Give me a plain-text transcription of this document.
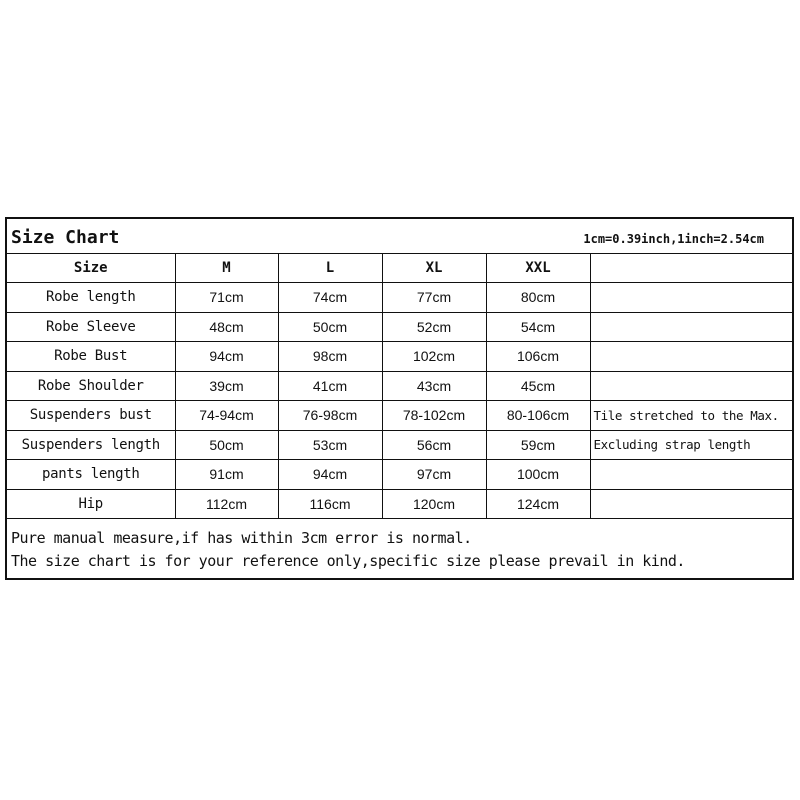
Size Chart	1cm=0.39inch,1inch=2.54cm
Size	M	L	XL	XXL	
Robe length	71cm	74cm	77cm	80cm	
Robe Sleeve	48cm	50cm	52cm	54cm	
Robe Bust	94cm	98cm	102cm	106cm	
Robe Shoulder	39cm	41cm	43cm	45cm	
Suspenders bust	74-94cm	76-98cm	78-102cm	80-106cm	Tile stretched to the Max.
Suspenders length	50cm	53cm	56cm	59cm	Excluding strap length
pants length	91cm	94cm	97cm	100cm	
Hip	112cm	116cm	120cm	124cm	
Pure manual measure,if has within 3cm error is normal.
The size chart is for your reference only,specific size please prevail in kind.
